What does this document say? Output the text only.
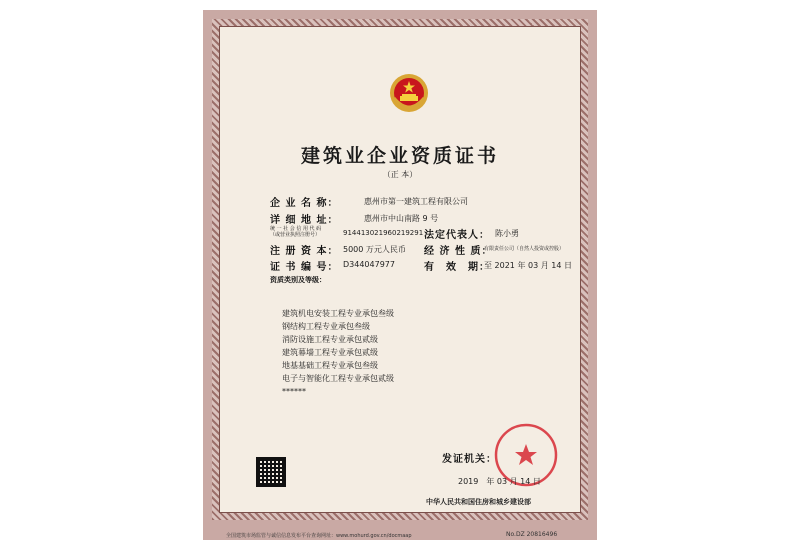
建筑业企业资质证书
（正 本）
企 业 名 称：	惠州市第一建筑工程有限公司
详 细 地 址：	惠州市中山南路 9 号
统 一 社 会 信 用 代 码
（或营业执照注册号）	914413021960219291 法定代表人： 陈小勇
注 册 资 本： 5000 万元人民币 经 济 性 质：
有限责任公司（自然人投资或控股）
证 书 编 号： D344047977	有　效　期：
至 2021 年 03 月 14 日
资质类别及等级：
建筑机电安装工程专业承包叁级
钢结构工程专业承包叁级
消防设施工程专业承包贰级
建筑幕墙工程专业承包贰级
地基基础工程专业承包叁级
电子与智能化工程专业承包贰级
******
发证机关：
2019　年 03 月 14 日
中华人民共和国住房和城乡建设部
全国建筑市场监管与诚信信息发布平台查询网址：www.mohurd.gov.cn/docmaap	No.DZ 20816496
